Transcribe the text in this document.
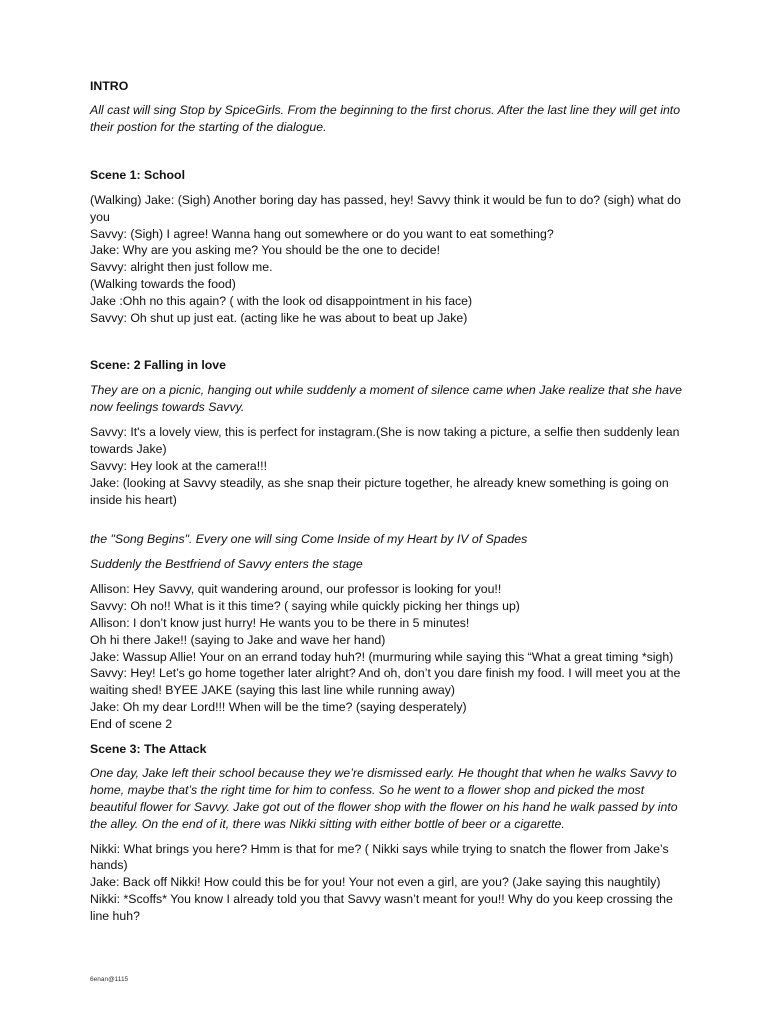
INTRO

All cast will sing Stop by SpiceGirls. From the beginning to the first chorus. After the last line they will get into their postion for the starting of the dialogue.

Scene 1: School

(Walking) Jake: (Sigh) Another boring day has passed, hey! Savvy think it would be fun to do? (sigh) what do you
Savvy: (Sigh) I agree! Wanna hang out somewhere or do you want to eat something?
Jake: Why are you asking me? You should be the one to decide!
Savvy: alright then just follow me.
(Walking towards the food)
Jake :Ohh no this again? ( with the look od disappointment in his face)
Savvy: Oh shut up just eat. (acting like he was about to beat up Jake)

Scene: 2 Falling in love

They are on a picnic, hanging out while suddenly a moment of silence came when Jake realize that she have now feelings towards Savvy.

Savvy: It's a lovely view, this is perfect for instagram.(She is now taking a picture, a selfie then suddenly lean towards Jake)
Savvy: Hey look at the camera!!!
Jake: (looking at Savvy steadily, as she snap their picture together, he already knew something is going on inside his heart)

the "Song Begins". Every one will sing Come Inside of my Heart by IV of Spades

Suddenly the Bestfriend of Savvy enters the stage

Allison: Hey Savvy, quit wandering around, our professor is looking for you!!
Savvy: Oh no!! What is it this time? ( saying while quickly picking her things up)
Allison: I don’t know just hurry! He wants you to be there in 5 minutes!
Oh hi there Jake!! (saying to Jake and wave her hand)
Jake: Wassup Allie! Your on an errand today huh?! (murmuring while saying this “What a great timing *sigh)
Savvy: Hey! Let’s go home together later alright? And oh, don’t you dare finish my food. I will meet you at the waiting shed! BYEE JAKE (saying this last line while running away)
Jake: Oh my dear Lord!!! When will be the time? (saying desperately)
End of scene 2

Scene 3: The Attack

One day, Jake left their school because they we’re dismissed early. He thought that when he walks Savvy to home, maybe that’s the right time for him to confess. So he went to a flower shop and picked the most beautiful flower for Savvy. Jake got out of the flower shop with the flower on his hand he walk passed by into the alley. On the end of it, there was Nikki sitting with either bottle of beer or a cigarette.

Nikki: What brings you here? Hmm is that for me? ( Nikki says while trying to snatch the flower from Jake’s hands)
Jake: Back off Nikki! How could this be for you! Your not even a girl, are you? (Jake saying this naughtily)
Nikki: *Scoffs* You know I already told you that Savvy wasn’t meant for you!! Why do you keep crossing the line huh?
6enan@1115
